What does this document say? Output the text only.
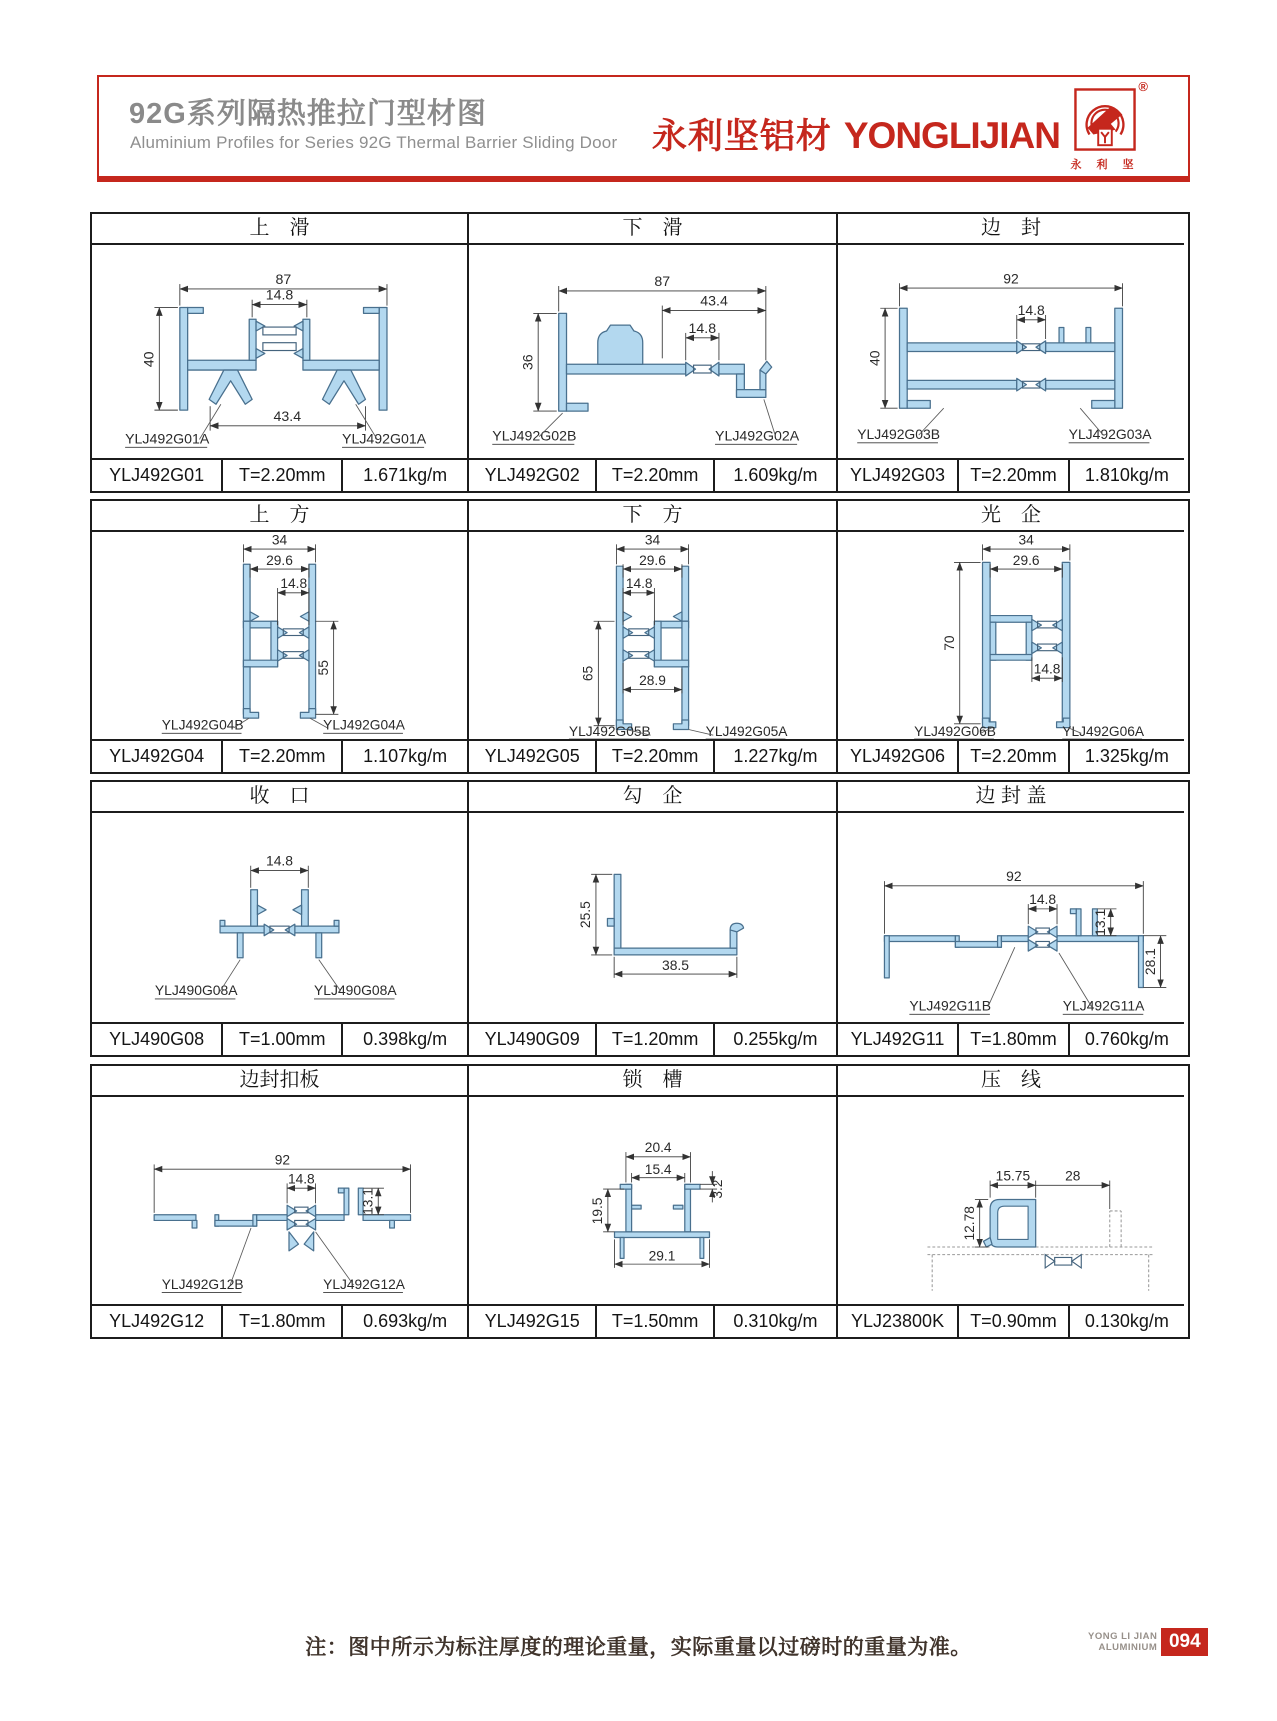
92G系列隔热推拉门型材图
Aluminium Profiles for Series 92G Thermal Barrier Sliding Door 永利坚铝材 YONGLIJIAN
®
永 利 坚
上　滑
87
14.8
40
43.4
YLJ492G01A	YLJ492G01A
YLJ492G01	T=2.20mm	1.671kg/m
下　滑
87
43.4
14.8
36
YLJ492G02B	YLJ492G02A
YLJ492G02	T=2.20mm	1.609kg/m
边　封
92
14.8
40
YLJ492G03B	YLJ492G03A
YLJ492G03	T=2.20mm	1.810kg/m
上　方
34
29.6
14.8
55
YLJ492G04B	YLJ492G04A
YLJ492G04	T=2.20mm	1.107kg/m
下　方
34
29.6
14.8
65	28.9
YLJ492G05B	YLJ492G05A
YLJ492G05	T=2.20mm	1.227kg/m
光　企
34
29.6
70
14.8
YLJ492G06B	YLJ492G06A
YLJ492G06	T=2.20mm	1.325kg/m
收　口
14.8
YLJ490G08A	YLJ490G08A
YLJ490G08	T=1.00mm	0.398kg/m
勾　企
25.5
38.5
YLJ490G09	T=1.20mm	0.255kg/m
边 封 盖
92
14.8
13.1
28.1
YLJ492G11B	YLJ492G11A
YLJ492G11	T=1.80mm	0.760kg/m
边封扣板
92
14.8
13.1
YLJ492G12B	YLJ492G12A
YLJ492G12	T=1.80mm	0.693kg/m
锁　槽
20.4
15.4
3.2
19.5
29.1
YLJ492G15	T=1.50mm	0.310kg/m
压　线
12.78
15.75 28
YLJ23800K	T=0.90mm	0.130kg/m
注：图中所示为标注厚度的理论重量，实际重量以过磅时的重量为准。	YONG LI JIAN
ALUMINIUM 094
